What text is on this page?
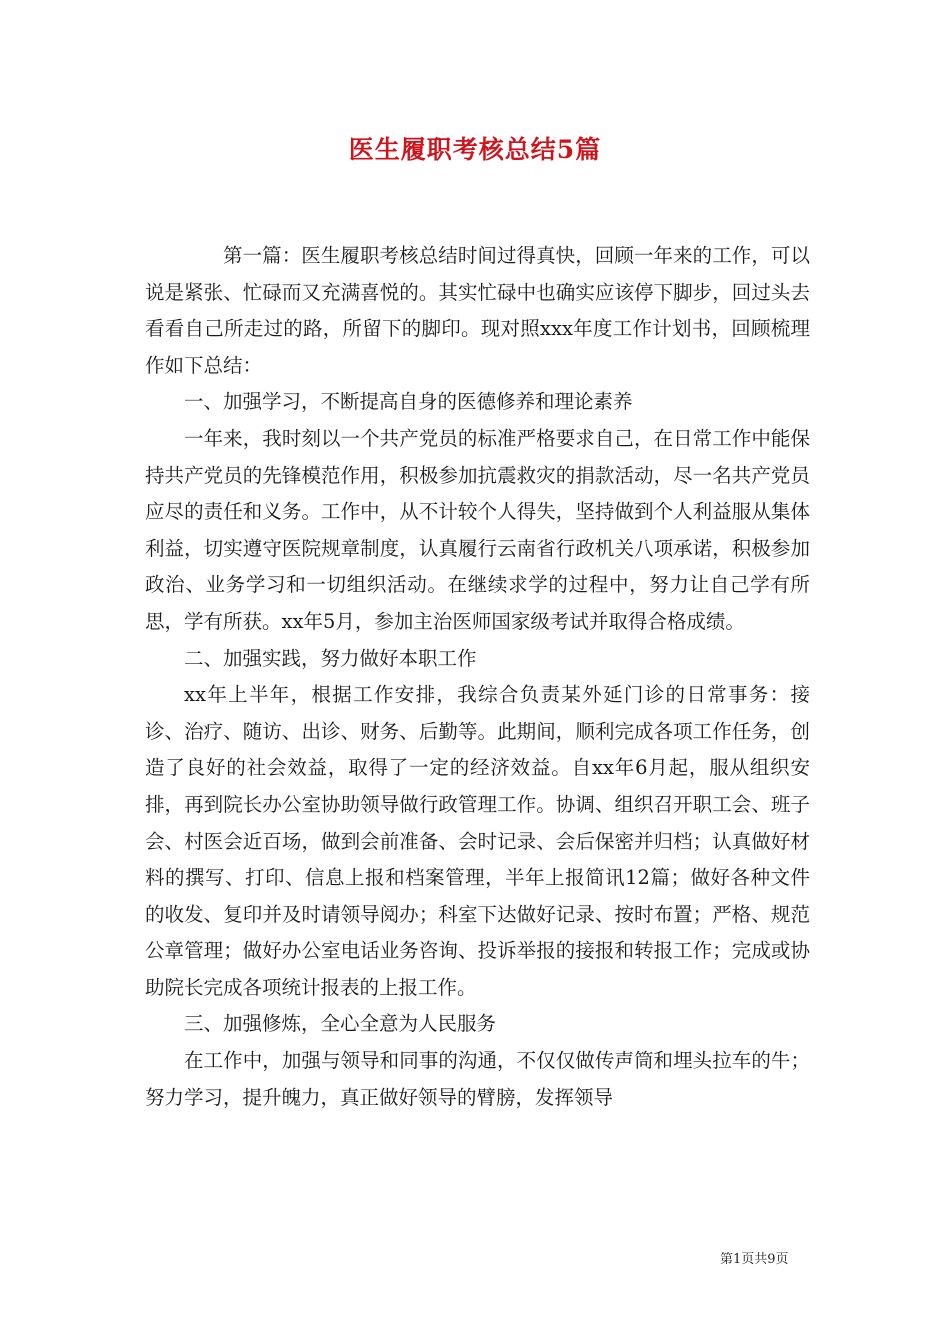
医生履职考核总结5篇

第一篇：医生履职考核总结时间过得真快，回顾一年来的工作，可以说是紧张、忙碌而又充满喜悦的。其实忙碌中也确实应该停下脚步，回过头去看看自己所走过的路，所留下的脚印。现对照xxx年度工作计划书，回顾梳理作如下总结：

一、加强学习，不断提高自身的医德修养和理论素养

一年来，我时刻以一个共产党员的标准严格要求自己，在日常工作中能保持共产党员的先锋模范作用，积极参加抗震救灾的捐款活动，尽一名共产党员应尽的责任和义务。工作中，从不计较个人得失，坚持做到个人利益服从集体利益，切实遵守医院规章制度，认真履行云南省行政机关八项承诺，积极参加政治、业务学习和一切组织活动。在继续求学的过程中，努力让自己学有所思，学有所获。xx年5月，参加主治医师国家级考试并取得合格成绩。

二、加强实践，努力做好本职工作

xx年上半年，根据工作安排，我综合负责某外延门诊的日常事务：接诊、治疗、随访、出诊、财务、后勤等。此期间，顺利完成各项工作任务，创造了良好的社会效益，取得了一定的经济效益。自xx年6月起，服从组织安排，再到院长办公室协助领导做行政管理工作。协调、组织召开职工会、班子会、村医会近百场，做到会前准备、会时记录、会后保密并归档；认真做好材料的撰写、打印、信息上报和档案管理，半年上报简讯12篇；做好各种文件的收发、复印并及时请领导阅办；科室下达做好记录、按时布置；严格、规范公章管理；做好办公室电话业务咨询、投诉举报的接报和转报工作；完成或协助院长完成各项统计报表的上报工作。

三、加强修炼，全心全意为人民服务

在工作中，加强与领导和同事的沟通，不仅仅做传声筒和埋头拉车的牛；努力学习，提升魄力，真正做好领导的臂膀，发挥领导

第1页共9页
